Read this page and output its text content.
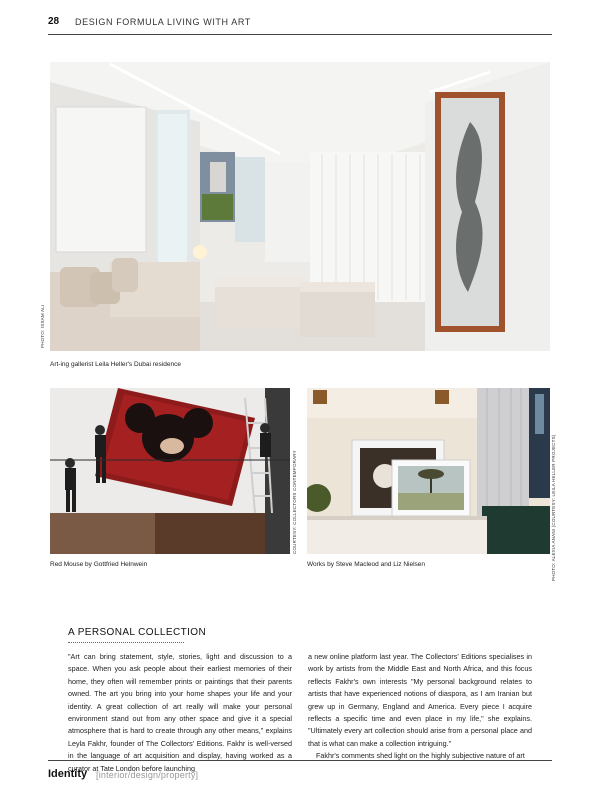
28 DESIGN FORMULA LIVING WITH ART
PHOTO: ISSAM ALI
Art-ing gallerist Leila Heller's Dubai residence
COURTESY: COLLECTORS CONTEMPORARY
Red Mouse by Gottfried Helnwein	PHOTO: ALEXIA ANANI (COURTESY: LEILA HELLER PROJECTS)
Works by Steve Macleod and Liz Nielsen
A PERSONAL COLLECTION

"Art can bring statement, style, stories, light and discussion to a space. When you ask people about their earliest memories of their home, they often will remember prints or paintings that their parents owned. The art you bring into your home shapes your life and your identity. A great collection of art really will make your personal environment stand out from any other space and give it a special atmosphere that is hard to create through any other means," explains Leyla Fakhr, founder of The Collectors' Editions. Fakhr is well-versed in the language of art acquisition and display, having worked as a curator at Tate London before launching

a new online platform last year. The Collectors' Editions specialises in work by artists from the Middle East and North Africa, and this focus reflects Fakhr's own interests "My personal background relates to artists that have experienced notions of diaspora, as I am Iranian but grew up in Germany, England and America. Every piece I acquire reflects a specific time and even place in my life," she explains. "Ultimately every art collection should arise from a personal place and that is what can make a collection intriguing."

Fakhr's comments shed light on the highly subjective nature of art

Identity [interior/design/property]
